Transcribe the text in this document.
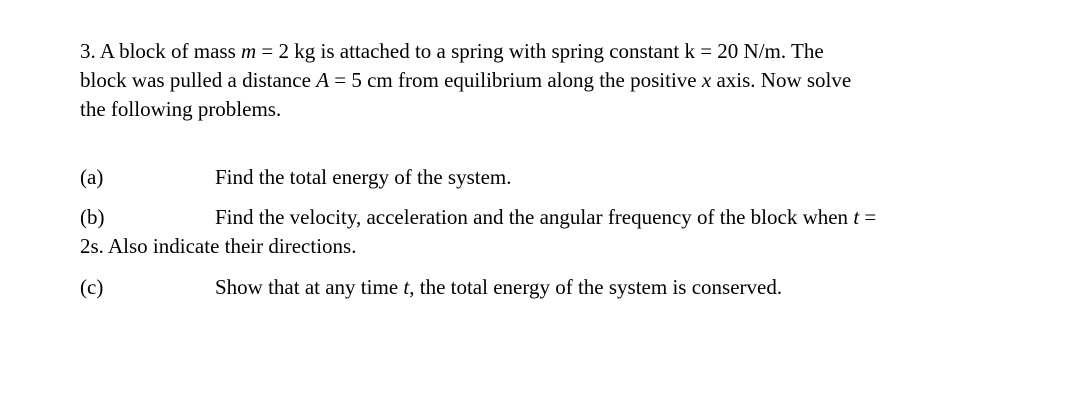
3. A block of mass m = 2 kg is attached to a spring with spring constant k = 20 N/m. The
block was pulled a distance A = 5 cm from equilibrium along the positive x axis. Now solve
the following problems.
(a)	Find the total energy of the system.
(b)	Find the velocity, acceleration and the angular frequency of the block when t =
2s. Also indicate their directions.
(c)	Show that at any time t, the total energy of the system is conserved.
